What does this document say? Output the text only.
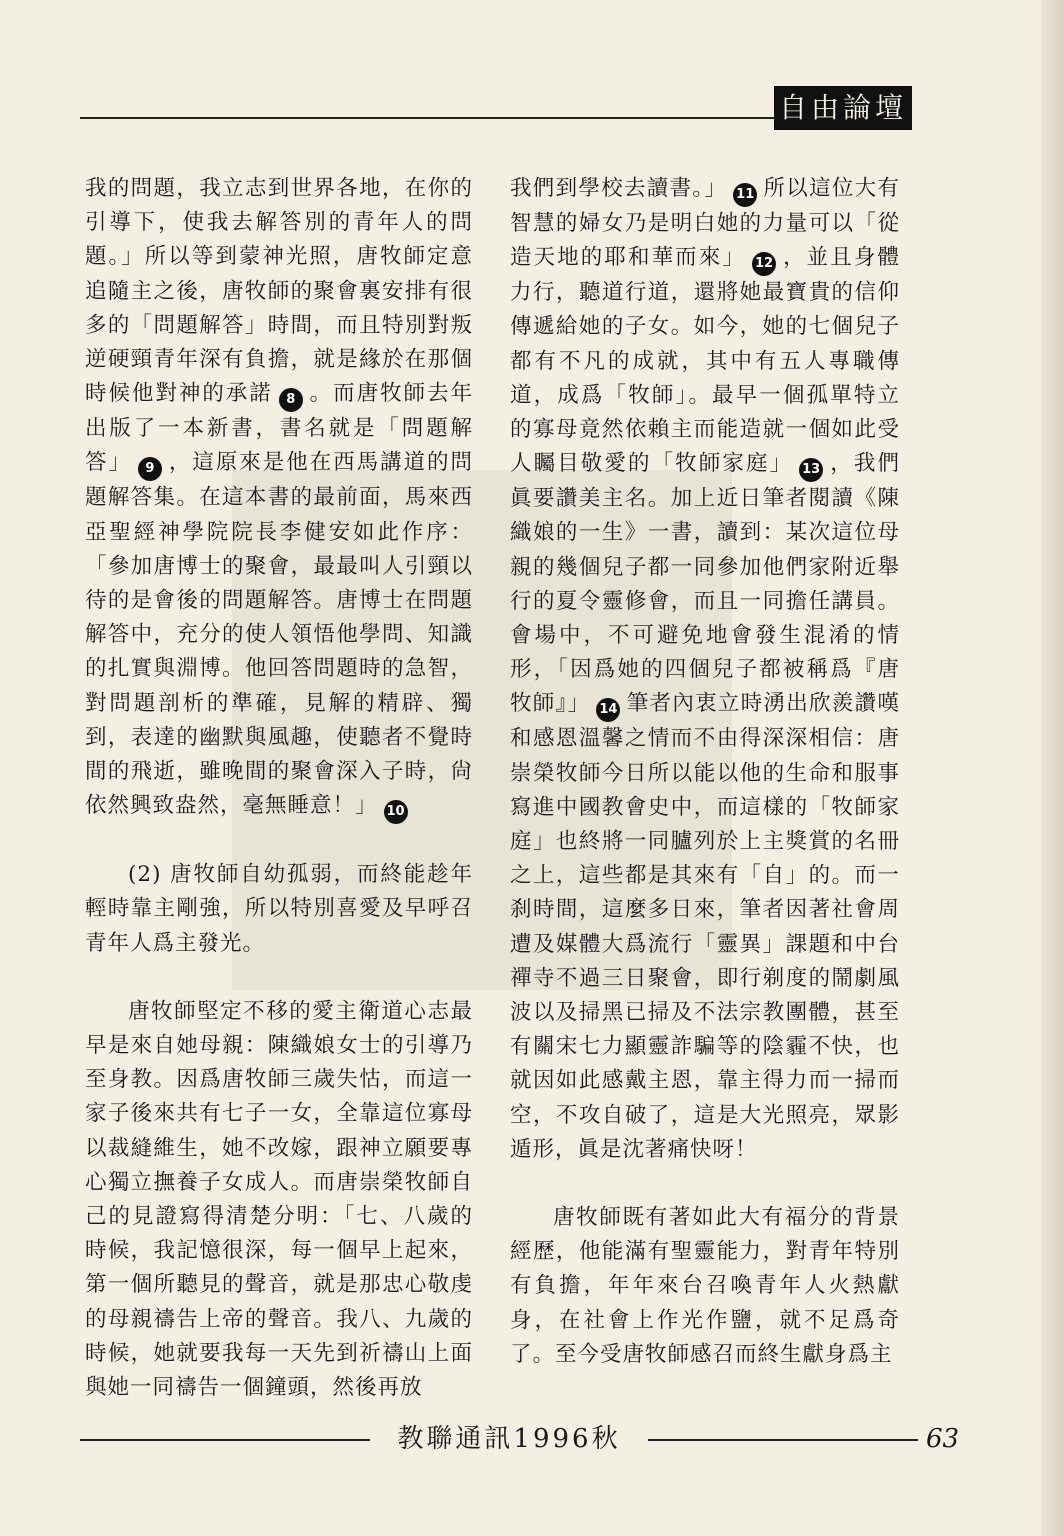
自由論壇

我的問題，我立志到世界各地，在你的引導下，使我去解答別的青年人的問題。」所以等到蒙神光照，唐牧師定意追隨主之後，唐牧師的聚會裏安排有很多的「問題解答」時間，而且特別對叛逆硬頸青年深有負擔，就是緣於在那個時候他對神的承諾 8 。而唐牧師去年出版了一本新書，書名就是「問題解答」 9 ，這原來是他在西馬講道的問題解答集。在這本書的最前面，馬來西亞聖經神學院院長李健安如此作序：「參加唐博士的聚會，最最叫人引頸以待的是會後的問題解答。唐博士在問題解答中，充分的使人領悟他學問、知識的扎實與淵博。他回答問題時的急智，對問題剖析的準確，見解的精辟、獨到，表達的幽默與風趣，使聽者不覺時間的飛逝，雖晚間的聚會深入子時，尙依然興致盎然，毫無睡意！」 10

(2) 唐牧師自幼孤弱，而終能趁年輕時靠主剛強，所以特別喜愛及早呼召青年人爲主發光。

唐牧師堅定不移的愛主衛道心志最早是來自她母親：陳織娘女士的引導乃至身教。因爲唐牧師三歲失怙，而這一家子後來共有七子一女，全靠這位寡母以裁縫維生，她不改嫁，跟神立願要專心獨立撫養子女成人。而唐崇榮牧師自己的見證寫得清楚分明：「七、八歲的時候，我記憶很深，每一個早上起來，第一個所聽見的聲音，就是那忠心敬虔的母親禱告上帝的聲音。我八、九歲的時候，她就要我每一天先到祈禱山上面與她一同禱告一個鐘頭，然後再放

我們到學校去讀書。」 11 所以這位大有智慧的婦女乃是明白她的力量可以「從造天地的耶和華而來」 12 ，並且身體力行，聽道行道，還將她最寶貴的信仰傳遞給她的子女。如今，她的七個兒子都有不凡的成就，其中有五人專職傳道，成爲「牧師」。最早一個孤單特立的寡母竟然依賴主而能造就一個如此受人矚目敬愛的「牧師家庭」 13 ，我們眞要讚美主名。加上近日筆者閱讀《陳織娘的一生》一書，讀到：某次這位母親的幾個兒子都一同參加他們家附近舉行的夏令靈修會，而且一同擔任講員。會場中，不可避免地會發生混淆的情形，「因爲她的四個兒子都被稱爲『唐牧師』」 14 筆者內衷立時湧出欣羨讚嘆和感恩溫馨之情而不由得深深相信：唐崇榮牧師今日所以能以他的生命和服事寫進中國教會史中，而這樣的「牧師家庭」也終將一同臚列於上主獎賞的名冊之上，這些都是其來有「自」的。而一刹時間，這麼多日來，筆者因著社會周遭及媒體大爲流行「靈異」課題和中台禪寺不過三日聚會，即行剃度的鬧劇風波以及掃黑已掃及不法宗教團體，甚至有關宋七力顯靈詐騙等的陰霾不快，也就因如此感戴主恩，靠主得力而一掃而空，不攻自破了，這是大光照亮，眾影遁形，眞是沈著痛快呀！

唐牧師既有著如此大有福分的背景經歷，他能滿有聖靈能力，對青年特別有負擔，年年來台召喚青年人火熱獻身，在社會上作光作鹽，就不足爲奇了。至今受唐牧師感召而終生獻身爲主

教聯通訊1996秋	63
